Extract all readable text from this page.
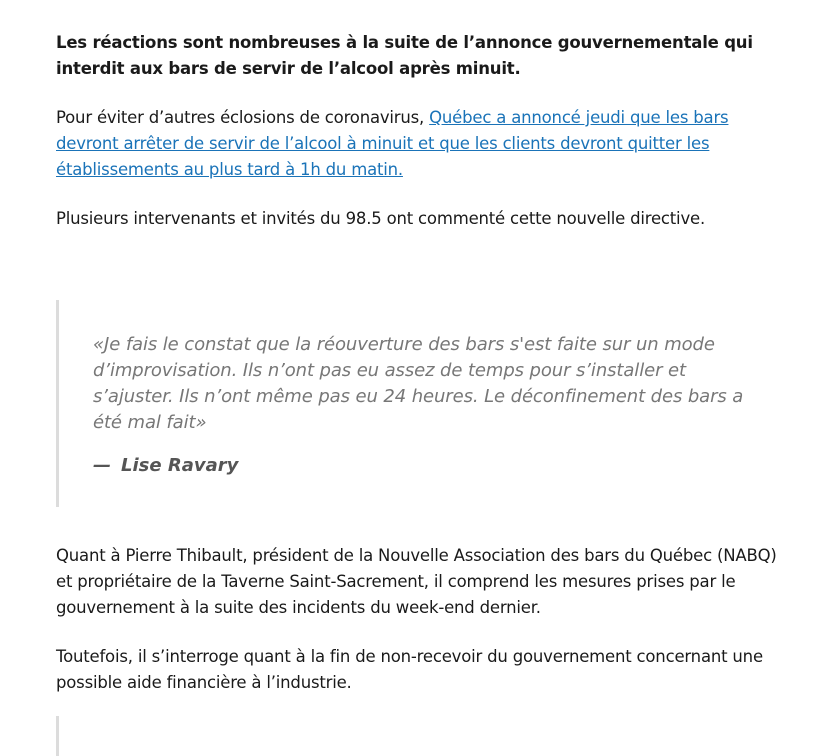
Les réactions sont nombreuses à la suite de l’annonce gouvernementale qui interdit aux bars de servir de l’alcool après minuit.

Pour éviter d’autres éclosions de coronavirus, Québec a annoncé jeudi que les bars devront arrêter de servir de l’alcool à minuit et que les clients devront quitter les établissements au plus tard à 1h du matin.

Plusieurs intervenants et invités du 98.5 ont commenté cette nouvelle directive.

«Je fais le constat que la réouverture des bars s'est faite sur un mode d’improvisation. Ils n’ont pas eu assez de temps pour s’installer et s’ajuster. Ils n’ont même pas eu 24 heures. Le déconfinement des bars a été mal fait»

— Lise Ravary

Quant à Pierre Thibault, président de la Nouvelle Association des bars du Québec (NABQ) et propriétaire de la Taverne Saint-Sacrement, il comprend les mesures prises par le gouvernement à la suite des incidents du week-end dernier.

Toutefois, il s’interroge quant à la fin de non-recevoir du gouvernement concernant une possible aide financière à l’industrie.
